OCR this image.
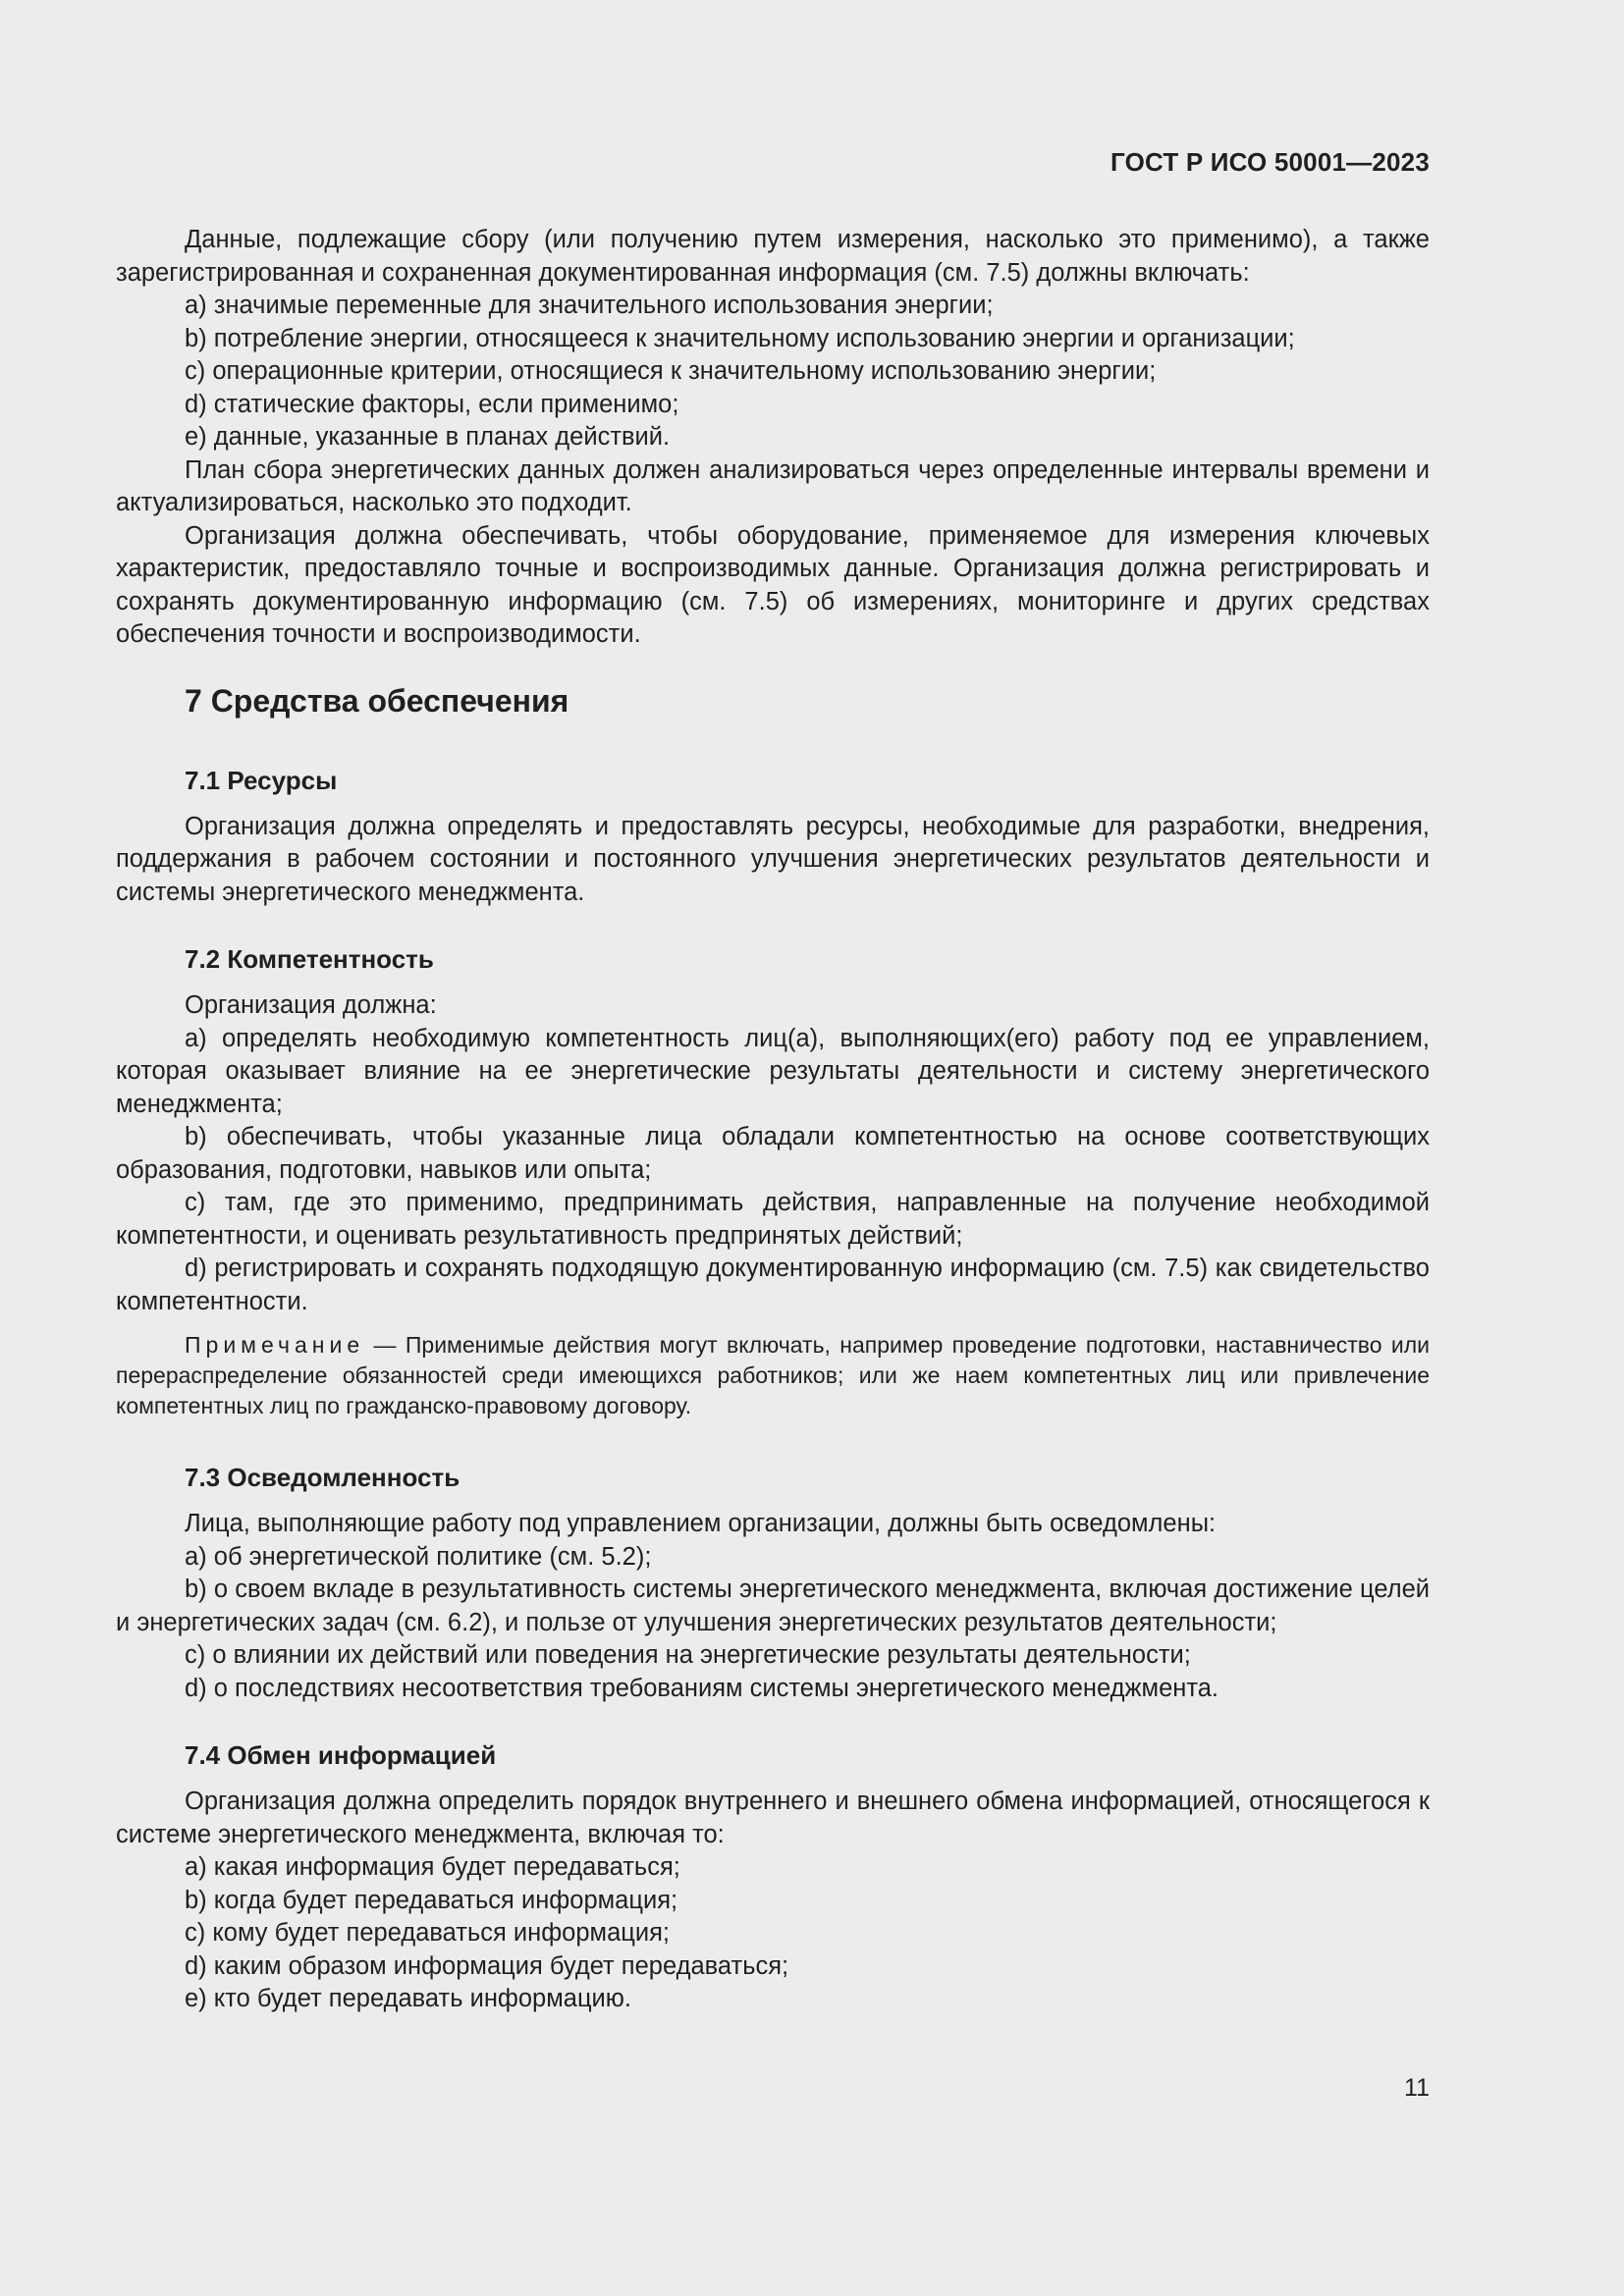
ГОСТ Р ИСО 50001—2023

Данные, подлежащие сбору (или получению путем измерения, насколько это применимо), а также зарегистрированная и сохраненная документированная информация (см. 7.5) должны включать:

a) значимые переменные для значительного использования энергии;

b) потребление энергии, относящееся к значительному использованию энергии и организации;

c) операционные критерии, относящиеся к значительному использованию энергии;

d) статические факторы, если применимо;

e) данные, указанные в планах действий.

План сбора энергетических данных должен анализироваться через определенные интервалы времени и актуализироваться, насколько это подходит.

Организация должна обеспечивать, чтобы оборудование, применяемое для измерения ключевых характеристик, предоставляло точные и воспроизводимых данные. Организация должна регистрировать и сохранять документированную информацию (см. 7.5) об измерениях, мониторинге и других средствах обеспечения точности и воспроизводимости.

7 Средства обеспечения
7.1 Ресурсы

Организация должна определять и предоставлять ресурсы, необходимые для разработки, внедрения, поддержания в рабочем состоянии и постоянного улучшения энергетических результатов деятельности и системы энергетического менеджмента.

7.2 Компетентность

Организация должна:

a) определять необходимую компетентность лиц(а), выполняющих(его) работу под ее управлением, которая оказывает влияние на ее энергетические результаты деятельности и систему энергетического менеджмента;

b) обеспечивать, чтобы указанные лица обладали компетентностью на основе соответствующих образования, подготовки, навыков или опыта;

c) там, где это применимо, предпринимать действия, направленные на получение необходимой компетентности, и оценивать результативность предпринятых действий;

d) регистрировать и сохранять подходящую документированную информацию (см. 7.5) как свидетельство компетентности.

Примечание — Применимые действия могут включать, например проведение подготовки, наставничество или перераспределение обязанностей среди имеющихся работников; или же наем компетентных лиц или привлечение компетентных лиц по гражданско-правовому договору.

7.3 Осведомленность

Лица, выполняющие работу под управлением организации, должны быть осведомлены:

a) об энергетической политике (см. 5.2);

b) о своем вкладе в результативность системы энергетического менеджмента, включая достижение целей и энергетических задач (см. 6.2), и пользе от улучшения энергетических результатов деятельности;

c) о влиянии их действий или поведения на энергетические результаты деятельности;

d) о последствиях несоответствия требованиям системы энергетического менеджмента.

7.4 Обмен информацией

Организация должна определить порядок внутреннего и внешнего обмена информацией, относящегося к системе энергетического менеджмента, включая то:

a) какая информация будет передаваться;

b) когда будет передаваться информация;

c) кому будет передаваться информация;

d) каким образом информация будет передаваться;

e) кто будет передавать информацию.

11
